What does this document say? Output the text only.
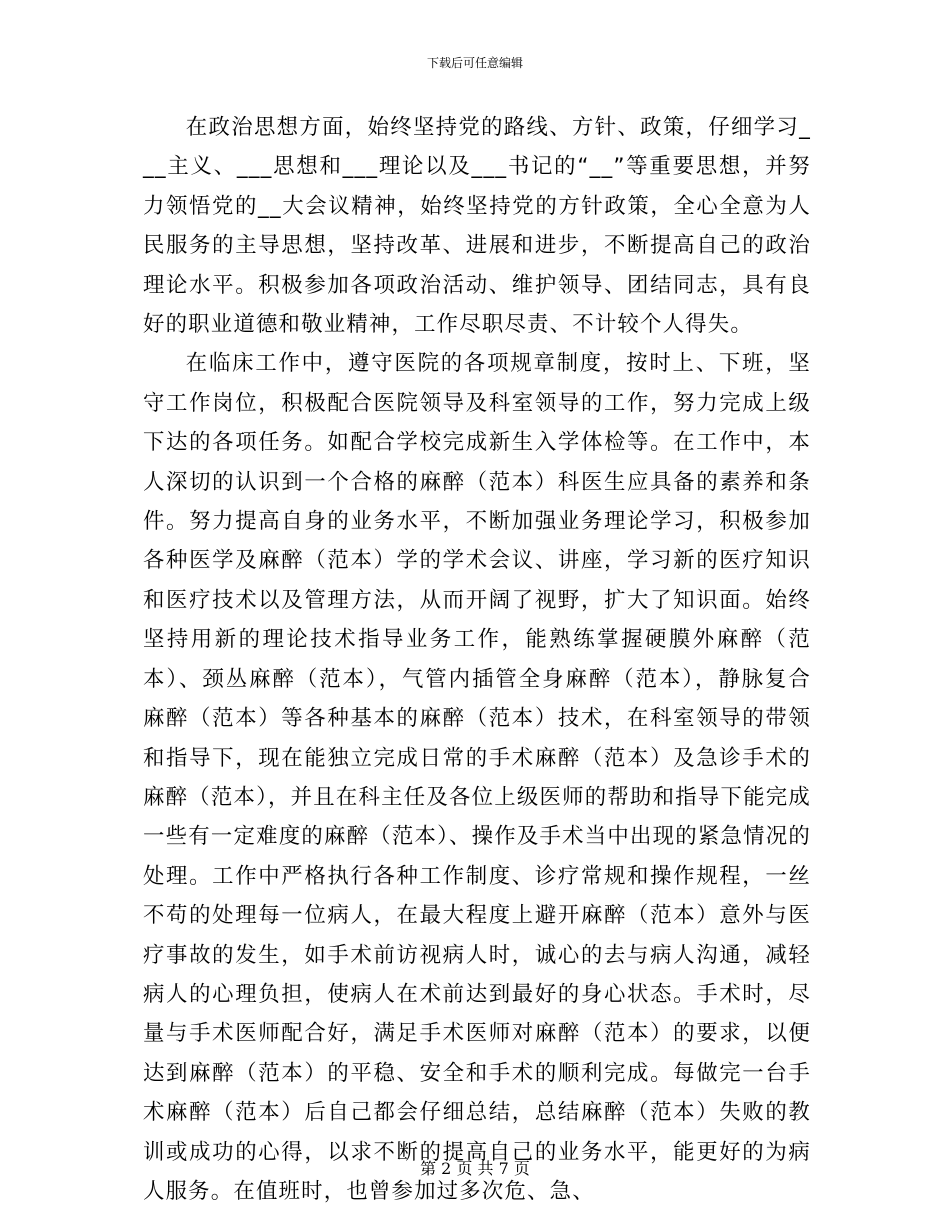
下载后可任意编辑

在政治思想方面，始终坚持党的路线、方针、政策，仔细学习___主义、___思想和___理论以及___书记的“__”等重要思想，并努力领悟党的__大会议精神，始终坚持党的方针政策，全心全意为人民服务的主导思想，坚持改革、进展和进步，不断提高自己的政治理论水平。积极参加各项政治活动、维护领导、团结同志，具有良好的职业道德和敬业精神，工作尽职尽责、不计较个人得失。

在临床工作中，遵守医院的各项规章制度，按时上、下班，坚守工作岗位，积极配合医院领导及科室领导的工作，努力完成上级下达的各项任务。如配合学校完成新生入学体检等。在工作中，本人深切的认识到一个合格的麻醉（范本）科医生应具备的素养和条件。努力提高自身的业务水平，不断加强业务理论学习，积极参加各种医学及麻醉（范本）学的学术会议、讲座，学习新的医疗知识和医疗技术以及管理方法，从而开阔了视野，扩大了知识面。始终坚持用新的理论技术指导业务工作，能熟练掌握硬膜外麻醉（范本）、颈丛麻醉（范本），气管内插管全身麻醉（范本），静脉复合麻醉（范本）等各种基本的麻醉（范本）技术，在科室领导的带领和指导下，现在能独立完成日常的手术麻醉（范本）及急诊手术的麻醉（范本），并且在科主任及各位上级医师的帮助和指导下能完成一些有一定难度的麻醉（范本）、操作及手术当中出现的紧急情况的处理。工作中严格执行各种工作制度、诊疗常规和操作规程，一丝不苟的处理每一位病人，在最大程度上避开麻醉（范本）意外与医疗事故的发生，如手术前访视病人时，诚心的去与病人沟通，减轻病人的心理负担，使病人在术前达到最好的身心状态。手术时，尽量与手术医师配合好，满足手术医师对麻醉（范本）的要求，以便达到麻醉（范本）的平稳、安全和手术的顺利完成。每做完一台手术麻醉（范本）后自己都会仔细总结，总结麻醉（范本）失败的教训或成功的心得，以求不断的提高自己的业务水平，能更好的为病人服务。在值班时，也曾参加过多次危、急、

第 2 页 共 7 页
